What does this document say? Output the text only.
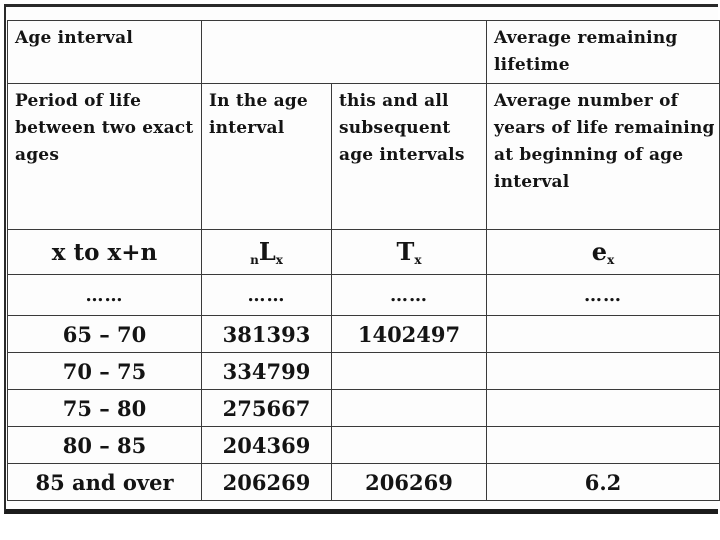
Age interval			Average remaining lifetime
Period of life between two exact ages	In the age interval	this and all subsequent age intervals	Average number of years of life remaining at beginning of age interval
x to x+n	$_nL_x$	$T_x$	$e_x$
……	……	……	……
65 – 70	381393	1402497	
70 – 75	334799		
75 – 80	275667		
80 – 85	204369		
85 and over	206269	206269	6.2
